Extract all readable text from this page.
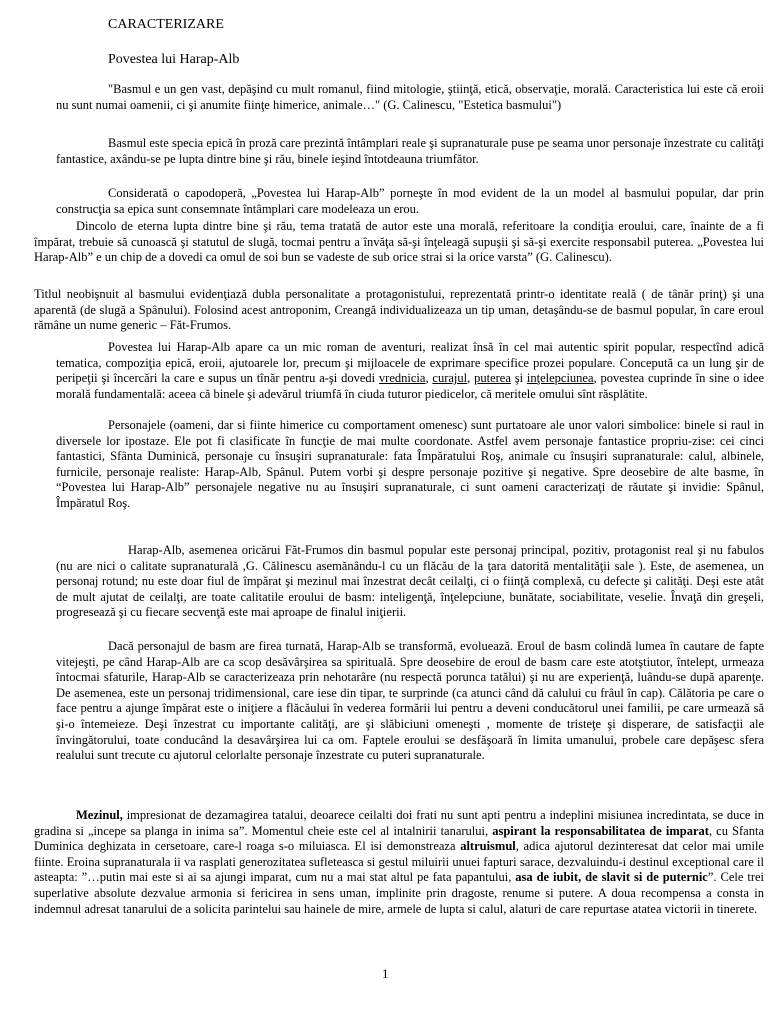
CARACTERIZARE

Povestea lui Harap-Alb

"Basmul e un gen vast, depăşind cu mult romanul, fiind mitologie, ştiinţă, etică, observaţie, morală. Caracteristica lui este că eroii nu sunt numai oamenii, ci şi anumite fiinţe himerice, animale…" (G. Calinescu, "Estetica basmului")

Basmul este specia epică în proză care prezintă întâmplari reale şi supranaturale puse pe seama unor personaje înzestrate cu calităţi fantastice, axându-se pe lupta dintre bine şi rău, binele ieşind întotdeauna triumfător.

Considerată o capodoperă, „Povestea lui Harap-Alb” porneşte în mod evident de la un model al basmului popular, dar prin construcţia sa epica sunt consemnate întâmplari care modeleaza un erou.

Dincolo de eterna lupta dintre bine şi rău, tema tratată de autor este una morală, referitoare la condiţia eroului, care, înainte de a fi împărat, trebuie să cunoască şi statutul de slugă, tocmai pentru a învăţa să-şi înţeleagă supuşii şi să-şi exercite responsabil puterea. „Povestea lui Harap-Alb” e un chip de a dovedi ca omul de soi bun se vadeste de sub orice strai si la orice varsta” (G. Calinescu).

Titlul neobişnuit al basmului evidenţiază dubla personalitate a protagonistului, reprezentată printr-o identitate reală ( de tânăr prinţ) şi una aparentă (de slugă a Spânului). Folosind acest antroponim, Creangă individualizeaza un tip uman, detaşându-se de basmul popular, în care eroul rămâne un nume generic – Făt-Frumos.

Povestea lui Harap-Alb apare ca un mic roman de aventuri, realizat însă în cel mai autentic spirit popular, respectînd adică tematica, compoziţia epică, eroii, ajutoarele lor, precum şi mijloacele de exprimare specifice prozei populare. Concepută ca un lung şir de peripeţii şi încercări la care e supus un tînăr pentru a-şi dovedi vrednicia, curajul, puterea şi inţelepciunea, povestea cuprinde în sine o idee morală fundamentală: aceea că binele şi adevărul triumfă în ciuda tuturor piedicelor, că meritele omului sînt răsplătite.

Personajele (oameni, dar si fiinte himerice cu comportament omenesc) sunt purtatoare ale unor valori simbolice: binele si raul in diversele lor ipostaze. Ele pot fi clasificate în funcţie de mai multe coordonate. Astfel avem personaje fantastice propriu-zise: cei cinci fantastici, Sfânta Duminică, personaje cu însuşiri supranaturale: fata Împăratului Roş, animale cu însuşiri supranaturale: calul, albinele, furnicile, personaje realiste: Harap-Alb, Spânul. Putem vorbi şi despre personaje pozitive şi negative. Spre deosebire de alte basme, în “Povestea lui Harap-Alb” personajele negative nu au însuşiri supranaturale, ci sunt oameni caracterizaţi de răutate şi invidie: Spânul, Împăratul Roş.

Harap-Alb, asemenea oricărui Făt-Frumos din basmul popular este personaj principal, pozitiv, protagonist real şi nu fabulos (nu are nici o calitate supranaturală ,G. Călinescu asemănându-l cu un flăcău de la ţara datorită mentalităţii sale ). Este, de asemenea, un personaj rotund; nu este doar fiul de împărat şi mezinul mai înzestrat decât ceilalţi, ci o fiinţă complexă, cu defecte şi calităţi. Deşi este atât de mult ajutat de ceilalţi, are toate calitatile eroului de basm: inteligenţă, înţelepciune, bunătate, sociabilitate, veselie. Învaţă din greşeli, progresează şi cu fiecare secvenţă este mai aproape de finalul iniţierii.

Dacă personajul de basm are firea turnată, Harap-Alb se transformă, evoluează. Eroul de basm colindă lumea în cautare de fapte vitejeşti, pe când Harap-Alb are ca scop desăvârşirea sa spirituală. Spre deosebire de eroul de basm care este atotştiutor, întelept, urmeaza întocmai sfaturile, Harap-Alb se caracterizeaza prin nehotarâre (nu respectă porunca tatălui) şi nu are experienţă, luându-se după aparenţe. De asemenea, este un personaj tridimensional, care iese din tipar, te surprinde (ca atunci când dă calului cu frâul în cap). Călătoria pe care o face pentru a ajunge împărat este o iniţiere a flăcăului în vederea formării lui pentru a deveni conducătorul unei familii, pe care urmează să şi-o întemeieze. Deşi înzestrat cu importante calităţi, are şi slăbiciuni omeneşti , momente de tristeţe şi disperare, de satisfacţii ale învingătorului, toate conducând la desavârşirea lui ca om. Faptele eroului se desfăşoară în limita umanului, probele care depăşesc sfera realului sunt trecute cu ajutorul celorlalte personaje înzestrate cu puteri supranaturale.

Mezinul, impresionat de dezamagirea tatalui, deoarece ceilalti doi frati nu sunt apti pentru a indeplini misiunea incredintata, se duce in gradina si „incepe sa planga in inima sa”. Momentul cheie este cel al intalnirii tanarului, aspirant la responsabilitatea de imparat, cu Sfanta Duminica deghizata in cersetoare, care-l roaga s-o miluiasca. El isi demonstreaza altruismul, adica ajutorul dezinteresat dat celor mai umile fiinte. Eroina supranaturala ii va rasplati generozitatea sufleteasca si gestul miluirii unuei fapturi sarace, dezvaluindu-i destinul exceptional care il asteapta: ”…putin mai este si ai sa ajungi imparat, cum nu a mai stat altul pe fata papantului, asa de iubit, de slavit si de puternic”. Cele trei superlative absolute dezvalue armonia si fericirea in sens uman, implinite prin dragoste, renume si putere. A doua recompensa a consta in indemnul adresat tanarului de a solicita parintelui sau hainele de mire, armele de lupta si calul, alaturi de care repurtase atatea victorii in tinerete.

1
